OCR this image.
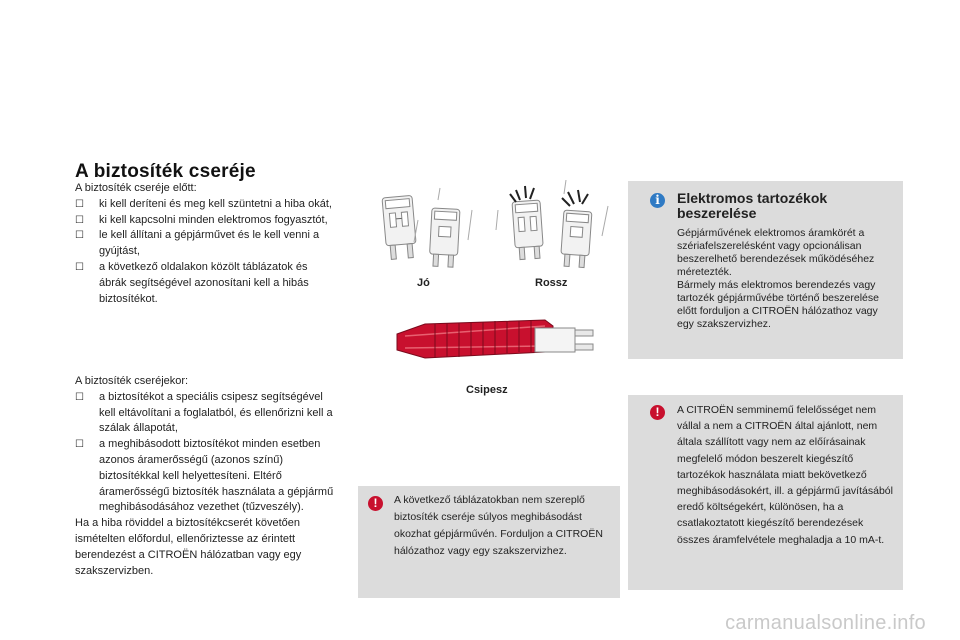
A biztosíték cseréje

A biztosíték cseréje előtt:

☐ ki kell deríteni és meg kell szüntetni a hiba okát,
☐ ki kell kapcsolni minden elektromos fogyasztót,
☐ le kell állítani a gépjárművet és le kell venni a gyújtást,
☐ a következő oldalakon közölt táblázatok és ábrák segítségével azonosítani kell a hibás biztosítékot.

A biztosíték cseréjekor:

☐ a biztosítékot a speciális csipesz segítségével kell eltávolítani a foglalatból, és ellenőrizni kell a szálak állapotát,
☐ a meghibásodott biztosítékot minden esetben azonos áramerősségű (azonos színű) biztosítékkal kell helyettesíteni. Eltérő áramerősségű biztosíték használata a gépjármű meghibásodásához vezethet (tűzveszély).

Ha a hiba röviddel a biztosítékcserét követően ismételten előfordul, ellenőriztesse az érintett berendezést a CITROËN hálózatban vagy egy szakszervizben.

Jó	Rossz
Csipesz
i	Elektromos tartozékok beszerelése
Gépjárművének elektromos áramkörét a szériafelszerelésként vagy opcionálisan beszerelhető berendezések működéséhez méretezték.
Bármely más elektromos berendezés vagy tartozék gépjárművébe történő beszerelése előtt forduljon a CITROËN hálózathoz vagy egy szakszervizhez.
!	A CITROËN semminemű felelősséget nem vállal a nem a CITROËN által ajánlott, nem általa szállított vagy nem az előírásainak megfelelő módon beszerelt kiegészítő tartozékok használata miatt bekövetkező meghibásodásokért, ill. a gépjármű javításából eredő költségekért, különösen, ha a csatlakoztatott kiegészítő berendezések összes áramfelvétele meghaladja a 10 mA-t.
!	A következő táblázatokban nem szereplő biztosíték cseréje súlyos meghibásodást okozhat gépjárművén. Forduljon a CITROËN hálózathoz vagy egy szakszervizhez.
carmanualsonline.info
